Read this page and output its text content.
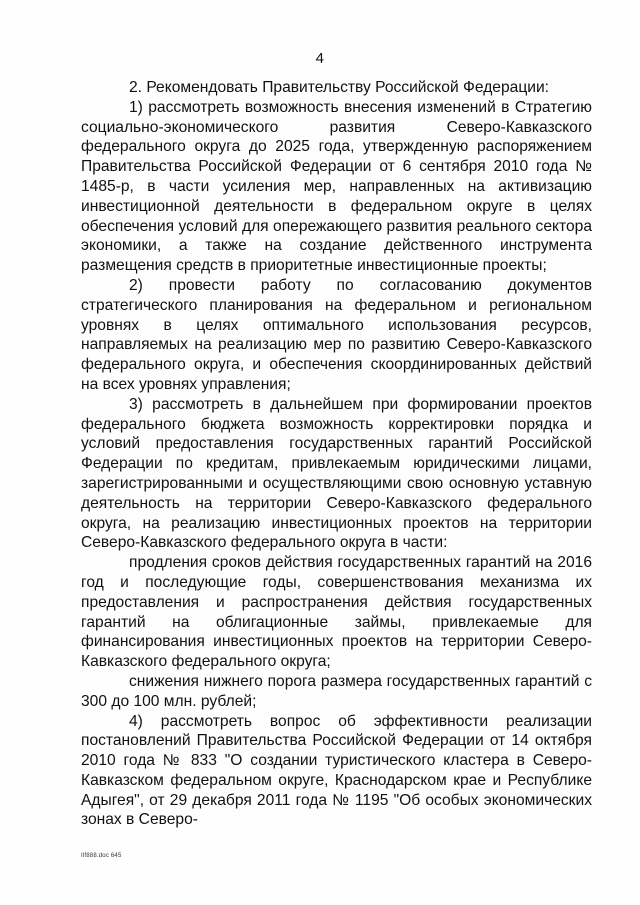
4

2. Рекомендовать Правительству Российской Федерации:

1) рассмотреть возможность внесения изменений в Стратегию социально-экономического развития Северо-Кавказского федерального округа до 2025 года, утвержденную распоряжением Правительства Российской Федерации от 6 сентября 2010 года № 1485-р, в части усиления мер, направленных на активизацию инвестиционной деятельности в федеральном округе в целях обеспечения условий для опережающего развития реального сектора экономики, а также на создание действенного инструмента размещения средств в приоритетные инвестиционные проекты;

2) провести работу по согласованию документов стратегического планирования на федеральном и региональном уровнях в целях оптимального использования ресурсов, направляемых на реализацию мер по развитию Северо-Кавказского федерального округа, и обеспечения скоординированных действий на всех уровнях управления;

3) рассмотреть в дальнейшем при формировании проектов федерального бюджета возможность корректировки порядка и условий предоставления государственных гарантий Российской Федерации по кредитам, привлекаемым юридическими лицами, зарегистрированными и осуществляющими свою основную уставную деятельность на территории Северо-Кавказского федерального округа, на реализацию инвестиционных проектов на территории Северо-Кавказского федерального округа в части:

продления сроков действия государственных гарантий на 2016 год и последующие годы, совершенствования механизма их предоставления и распространения действия государственных гарантий на облигационные займы, привлекаемые для финансирования инвестиционных проектов на территории Северо-Кавказского федерального округа;

снижения нижнего порога размера государственных гарантий с 300 до 100 млн. рублей;

4) рассмотреть вопрос об эффективности реализации постановлений Правительства Российской Федерации от 14 октября 2010 года № 833 "О создании туристического кластера в Северо-Кавказском федеральном округе, Краснодарском крае и Республике Адыгея", от 29 декабря 2011 года № 1195 "Об особых экономических зонах в Северо-

Ilf888.doc 645
